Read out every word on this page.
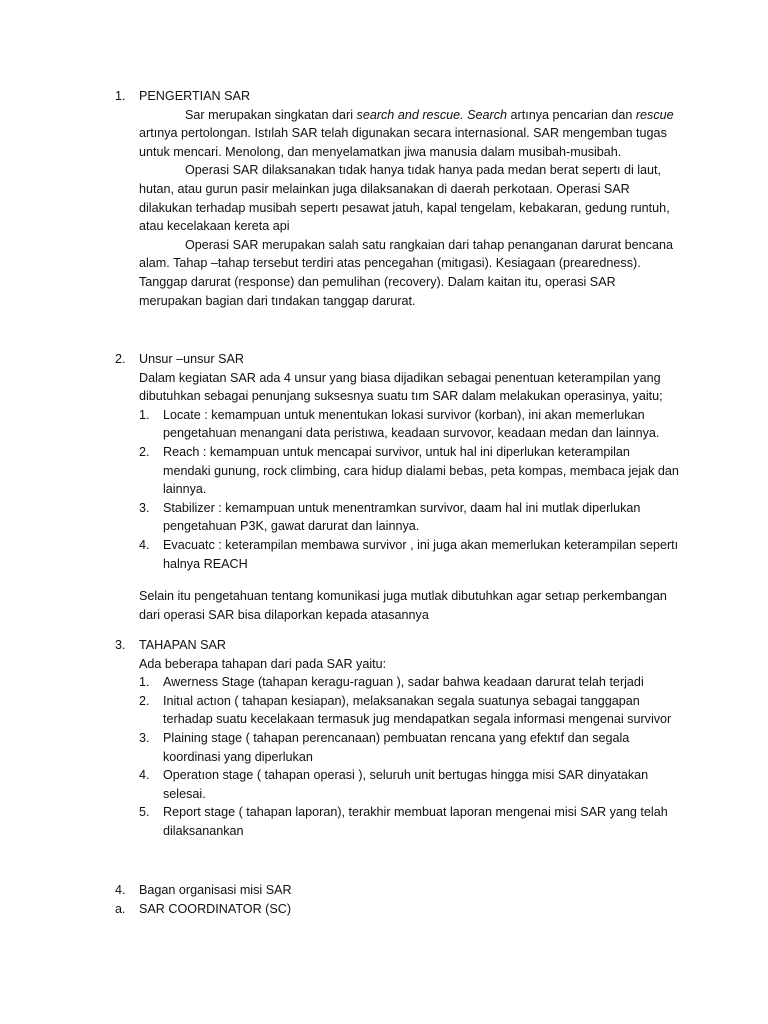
1. PENGERTIAN SAR

Sar merupakan singkatan dari search and rescue. Search artınya pencarian dan rescue artınya pertolongan. Istılah SAR telah digunakan secara internasional. SAR mengemban tugas untuk mencari. Menolong, dan menyelamatkan jiwa manusia dalam musibah-musibah.

Operasi SAR dilaksanakan tıdak hanya tıdak hanya pada medan berat sepertı di laut, hutan, atau gurun pasir melainkan juga dilaksanakan di daerah perkotaan. Operasi SAR dilakukan terhadap musibah sepertı pesawat jatuh, kapal tengelam, kebakaran, gedung runtuh, atau kecelakaan kereta api

Operasi SAR merupakan salah satu rangkaian dari tahap penanganan darurat bencana alam. Tahap –tahap tersebut terdiri atas pencegahan (mitıgasi). Kesiagaan (prearedness). Tanggap darurat (response) dan pemulihan (recovery). Dalam kaitan itu, operasi SAR merupakan bagian dari tındakan tanggap darurat.

2. Unsur –unsur SAR

Dalam kegiatan SAR ada 4 unsur yang biasa dijadikan sebagai penentuan keterampilan yang dibutuhkan sebagai penunjang suksesnya suatu tım SAR dalam melakukan operasinya, yaitu;

1. Locate : kemampuan untuk menentukan lokasi survivor (korban), ini akan memerlukan pengetahuan menangani data peristıwa, keadaan survovor, keadaan medan dan lainnya.
2. Reach : kemampuan untuk mencapai survivor, untuk hal ini diperlukan keterampilan mendaki gunung, rock climbing, cara hidup dialami bebas, peta kompas, membaca jejak dan lainnya.
3. Stabilizer : kemampuan untuk menentramkan survivor, daam hal ini mutlak diperlukan pengetahuan P3K, gawat darurat dan lainnya.
4. Evacuatc : keterampilan membawa survivor , ini juga akan memerlukan keterampilan sepertı halnya REACH

Selain itu pengetahuan tentang komunikasi juga mutlak dibutuhkan agar setıap perkembangan dari operasi SAR bisa dilaporkan kepada atasannya

3. TAHAPAN SAR

Ada beberapa tahapan dari pada SAR yaitu:

1. Awerness Stage (tahapan keragu-raguan ), sadar bahwa keadaan darurat telah terjadi
2. Initıal actıon ( tahapan kesiapan), melaksanakan segala suatunya sebagai tanggapan terhadap suatu kecelakaan termasuk jug mendapatkan segala informasi mengenai survivor
3. Plaining stage ( tahapan perencanaan) pembuatan rencana yang efektıf dan segala koordinasi yang diperlukan
4. Operatıon stage ( tahapan operasi ), seluruh unit bertugas hingga misi SAR dinyatakan selesai.
5. Report stage ( tahapan laporan), terakhir membuat laporan mengenai misi SAR yang telah dilaksanankan
4. Bagan organisasi misi SAR

a. SAR COORDINATOR (SC)
